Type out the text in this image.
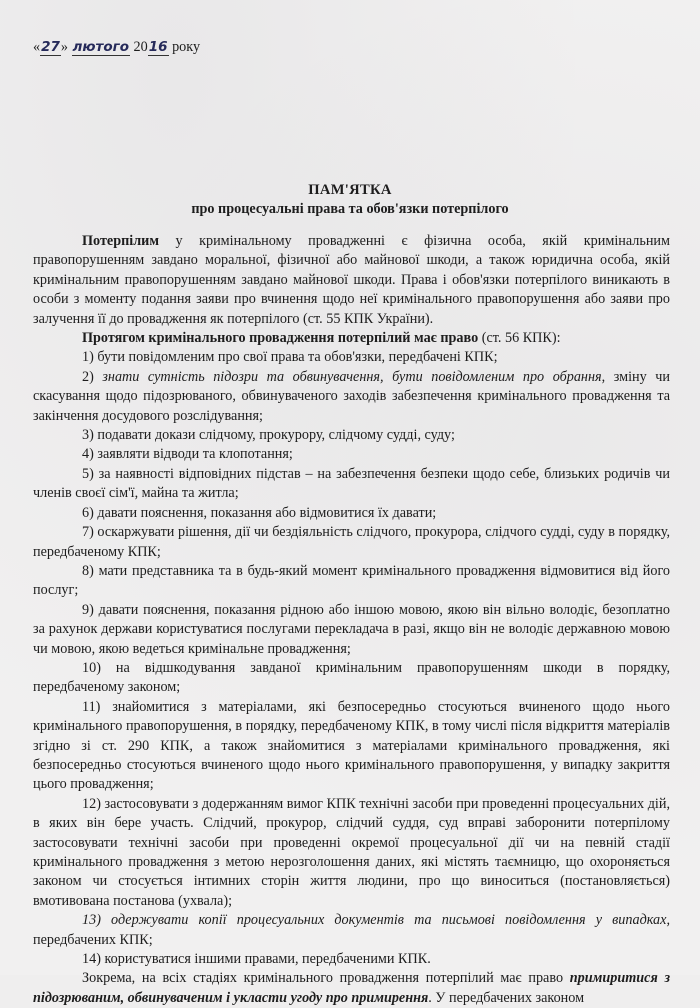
«27» лютого 2016 року
ПАМ'ЯТКА
про процесуальні права та обов'язки потерпілого

Потерпілим у кримінальному провадженні є фізична особа, якій кримінальним правопорушенням завдано моральної, фізичної або майнової шкоди, а також юридична особа, якій кримінальним правопорушенням завдано майнової шкоди. Права і обов'язки потерпілого виникають в особи з моменту подання заяви про вчинення щодо неї кримінального правопорушення або заяви про залучення її до провадження як потерпілого (ст. 55 КПК України).

Протягом кримінального провадження потерпілий має право (ст. 56 КПК):

1) бути повідомленим про свої права та обов'язки, передбачені КПК;

2) знати сутність підозри та обвинувачення, бути повідомленим про обрання, зміну чи скасування щодо підозрюваного, обвинуваченого заходів забезпечення кримінального провадження та закінчення досудового розслідування;

3) подавати докази слідчому, прокурору, слідчому судді, суду;

4) заявляти відводи та клопотання;

5) за наявності відповідних підстав – на забезпечення безпеки щодо себе, близьких родичів чи членів своєї сім'ї, майна та житла;

6) давати пояснення, показання або відмовитися їх давати;

7) оскаржувати рішення, дії чи бездіяльність слідчого, прокурора, слідчого судді, суду в порядку, передбаченому КПК;

8) мати представника та в будь-який момент кримінального провадження відмовитися від його послуг;

9) давати пояснення, показання рідною або іншою мовою, якою він вільно володіє, безоплатно за рахунок держави користуватися послугами перекладача в разі, якщо він не володіє державною мовою чи мовою, якою ведеться кримінальне провадження;

10) на відшкодування завданої кримінальним правопорушенням шкоди в порядку, передбаченому законом;

11) знайомитися з матеріалами, які безпосередньо стосуються вчиненого щодо нього кримінального правопорушення, в порядку, передбаченому КПК, в тому числі після відкриття матеріалів згідно зі ст. 290 КПК, а також знайомитися з матеріалами кримінального провадження, які безпосередньо стосуються вчиненого щодо нього кримінального правопорушення, у випадку закриття цього провадження;

12) застосовувати з додержанням вимог КПК технічні засоби при проведенні процесуальних дій, в яких він бере участь. Слідчий, прокурор, слідчий суддя, суд вправі заборонити потерпілому застосовувати технічні засоби при проведенні окремої процесуальної дії чи на певній стадії кримінального провадження з метою нерозголошення даних, які містять таємницю, що охороняється законом чи стосується інтимних сторін життя людини, про що виноситься (постановляється) вмотивована постанова (ухвала);

13) одержувати копії процесуальних документів та письмові повідомлення у випадках, передбачених КПК;

14) користуватися іншими правами, передбаченими КПК.

Зокрема, на всіх стадіях кримінального провадження потерпілий має право примиритися з підозрюваним, обвинуваченим і укласти угоду про примирення. У передбачених законом
